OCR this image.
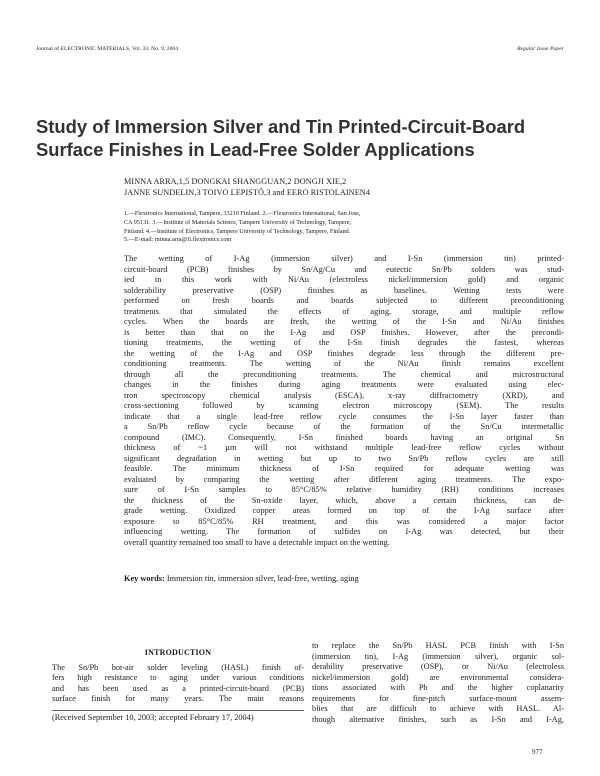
Journal of ELECTRONIC MATERIALS, Vol. 33, No. 9, 2004	Regular Issue Paper
Study of Immersion Silver and Tin Printed-Circuit-Board
Surface Finishes in Lead-Free Solder Applications
MINNA ARRA,1,5 DONGKAI SHANGGUAN,2 DONGJI XIE,2
JANNE SUNDELIN,3 TOIVO LEPISTÖ,3 and EERO RISTOLAINEN4
1.—Flextronics International, Tampere, 33210 Finland. 2.—Flextronics International, San Jose,
CA 95131. 3.—Institute of Materials Science, Tampere University of Technology, Tampere,
Finland. 4.—Institute of Electronics, Tampere University of Technology, Tampere, Finland.
5.—E-mail: minna.arra@fi.flextronics.com
The wetting of I-Ag (immersion silver) and I-Sn (immersion tin) printed-
circuit-board (PCB) finishes by Sn/Ag/Cu and eutectic Sn/Pb solders was stud-
ied in this work with Ni/Au (electroless nickel/immersion gold) and organic
solderability preservative (OSP) finishes as baselines. Wetting tests were
performed on fresh boards and boards subjected to different preconditioning
treatments that simulated the effects of aging, storage, and multiple reflow
cycles. When the boards are fresh, the wetting of the I-Sn and Ni/Au finishes
is better than that on the I-Ag and OSP finishes. However, after the precondi-
tioning treatments, the wetting of the I-Sn finish degrades the fastest, whereas
the wetting of the I-Ag and OSP finishes degrade less through the different pre-
conditioning treatments. The wetting of the Ni/Au finish remains excellent
through all the preconditioning treatments. The chemical and microstructural
changes in the finishes during aging treatments were evaluated using elec-
tron spectroscopy chemical analysis (ESCA), x-ray diffractometry (XRD), and
cross-sectioning followed by scanning electron microscopy (SEM). The results
indicate that a single lead-free reflow cycle consumes the I-Sn layer faster than
a Sn/Pb reflow cycle because of the formation of the Sn/Cu intermetallic
compound (IMC). Consequently, I-Sn finished boards having an original Sn
thickness of ~1 µm will not withstand multiple lead-free reflow cycles without
significant degradation in wetting but up to two Sn/Pb reflow cycles are still
feasible. The minimum thickness of I-Sn required for adequate wetting was
evaluated by comparing the wetting after different aging treatments. The expo-
sure of I-Sn samples to 85°C/85% relative humidity (RH) conditions increases
the thickness of the Sn-oxide layer, which, above a certain thickness, can de-
grade wetting. Oxidized copper areas formed on top of the I-Ag surface after
exposure to 85°C/85% RH treatment, and this was considered a major factor
influencing wetting. The formation of sulfides on I-Ag was detected, but their
overall quantity remained too small to have a detectable impact on the wetting.
Key words: Immersion tin, immersion silver, lead-free, wetting, aging
INTRODUCTION
The Sn/Pb hot-air solder leveling (HASL) finish of-
fers high resistance to aging under various conditions
and has been used as a printed-circuit-board (PCB)
surface finish for many years. The main reasons
(Received September 10, 2003; accepted February 17, 2004)
to replace the Sn/Pb HASL PCB finish with I-Sn
(immersion tin), I-Ag (immersion silver), organic sol-
derability preservative (OSP), or Ni/Au (electroless
nickel/immersion gold) are environmental considera-
tions associated with Pb and the higher coplanarity
requirements for fine-pitch surface-mount assem-
blies that are difficult to achieve with HASL. Al-
though alternative finishes, such as I-Sn and I-Ag,
977
